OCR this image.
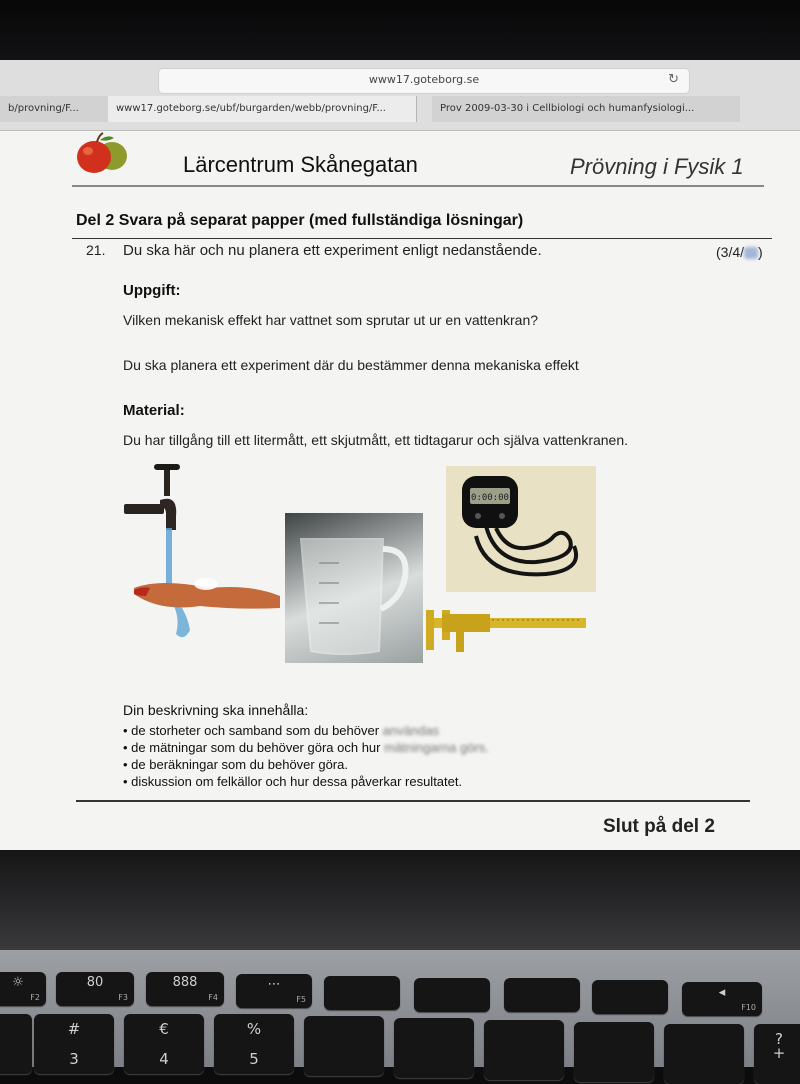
www17.goteborg.se	↻
b/provning/F...	www17.goteborg.se/ubf/burgarden/webb/provning/F...	Prov 2009-03-30 i Cellbiologi och humanfysiologi...
Lärcentrum Skånegatan	Prövning i Fysik 1
Del 2 Svara på separat papper (med fullständiga lösningar)
21. Du ska här och nu planera ett experiment enligt nedanstående.	(3/4/ )
Uppgift:
Vilken mekanisk effekt har vattnet som sprutar ut ur en vattenkran?
Du ska planera ett experiment där du bestämmer denna mekaniska effekt
Material:
Du har tillgång till ett litermått, ett skjutmått, ett tidtagarur och själva vattenkranen.
0:00:00
Din beskrivning ska innehålla:
• de storheter och samband som du behöver användas
• de mätningar som du behöver göra och hur mätningarna görs.
• de beräkningar som du behöver göra.
• diskussion om felkällor och hur dessa påverkar resultatet.
Slut på del 2
☼
F2
80
F3
888
F4
⋯
F5	◂
F10
#
3
€
4
%
5
?
+
